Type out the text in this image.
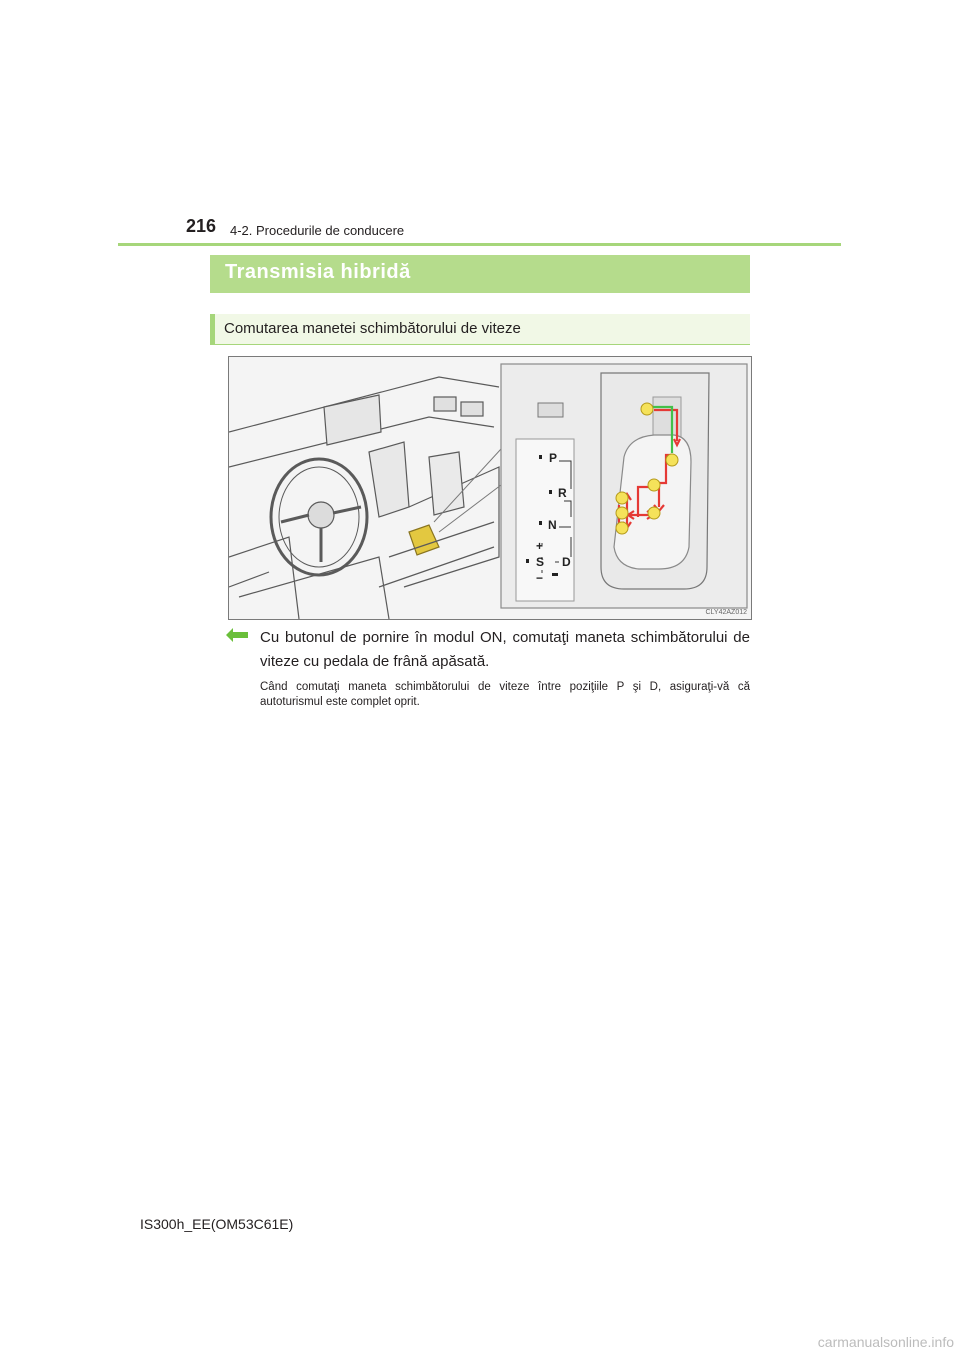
216 4-2. Procedurile de conducere
Transmisia hibridă
Comutarea manetei schimbătorului de viteze
P
R
N
+
S D
−
CLY42AZ012
Cu butonul de pornire în modul ON, comutaţi maneta schimbătorului de viteze cu pedala de frână apăsată.
Când comutaţi maneta schimbătorului de viteze între poziţiile P şi D, asiguraţi-vă că autoturismul este complet oprit.
IS300h_EE(OM53C61E)
carmanualsonline.info
